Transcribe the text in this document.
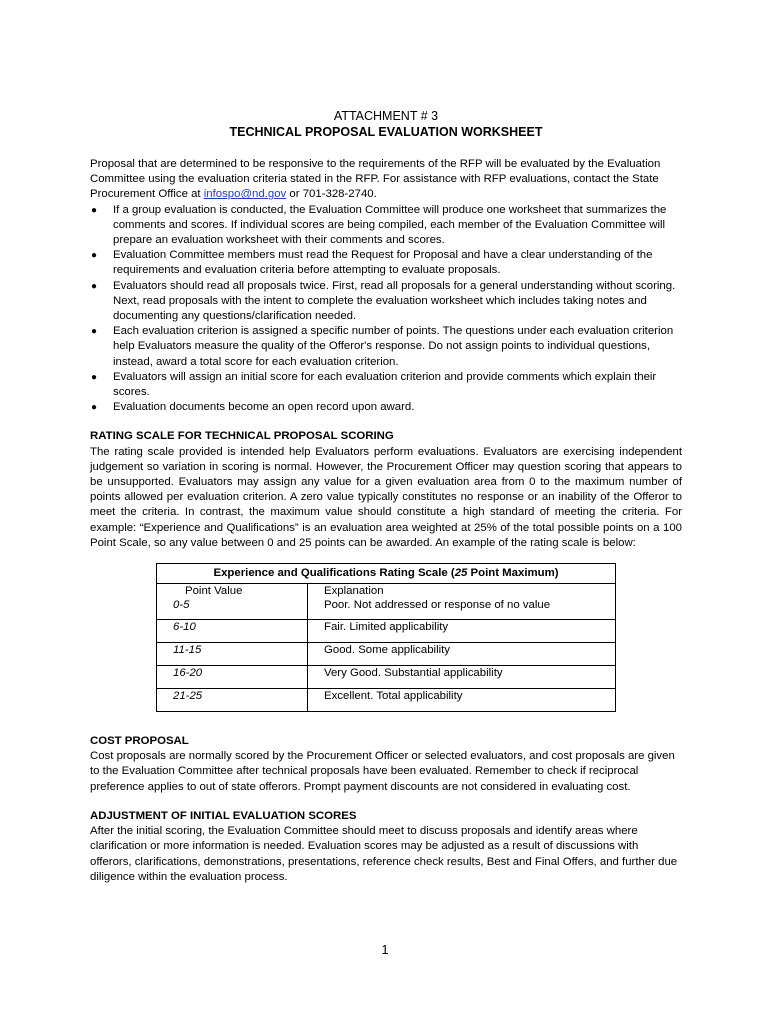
ATTACHMENT # 3
TECHNICAL PROPOSAL EVALUATION WORKSHEET
Proposal that are determined to be responsive to the requirements of the RFP will be evaluated by the Evaluation Committee using the evaluation criteria stated in the RFP. For assistance with RFP evaluations, contact the State Procurement Office at infospo@nd.gov or 701-328-2740.
● If a group evaluation is conducted, the Evaluation Committee will produce one worksheet that summarizes the comments and scores. If individual scores are being compiled, each member of the Evaluation Committee will prepare an evaluation worksheet with their comments and scores.
● Evaluation Committee members must read the Request for Proposal and have a clear understanding of the requirements and evaluation criteria before attempting to evaluate proposals.
● Evaluators should read all proposals twice. First, read all proposals for a general understanding without scoring. Next, read proposals with the intent to complete the evaluation worksheet which includes taking notes and documenting any questions/clarification needed.
● Each evaluation criterion is assigned a specific number of points. The questions under each evaluation criterion help Evaluators measure the quality of the Offeror's response. Do not assign points to individual questions, instead, award a total score for each evaluation criterion.
● Evaluators will assign an initial score for each evaluation criterion and provide comments which explain their scores.
● Evaluation documents become an open record upon award.
RATING SCALE FOR TECHNICAL PROPOSAL SCORING
The rating scale provided is intended help Evaluators perform evaluations. Evaluators are exercising independent judgement so variation in scoring is normal. However, the Procurement Officer may question scoring that appears to be unsupported. Evaluators may assign any value for a given evaluation area from 0 to the maximum number of points allowed per evaluation criterion. A zero value typically constitutes no response or an inability of the Offeror to meet the criteria. In contrast, the maximum value should constitute a high standard of meeting the criteria. For example: “Experience and Qualifications” is an evaluation area weighted at 25% of the total possible points on a 100 Point Scale, so any value between 0 and 25 points can be awarded. An example of the rating scale is below:
Experience and Qualifications Rating Scale (25 Point Maximum)	
Point Value	Explanation
0-5	Poor. Not addressed or response of no value
6-10	Fair. Limited applicability
11-15	Good. Some applicability
16-20	Very Good. Substantial applicability
21-25	Excellent. Total applicability
COST PROPOSAL
Cost proposals are normally scored by the Procurement Officer or selected evaluators, and cost proposals are given to the Evaluation Committee after technical proposals have been evaluated. Remember to check if reciprocal preference applies to out of state offerors. Prompt payment discounts are not considered in evaluating cost.
ADJUSTMENT OF INITIAL EVALUATION SCORES
After the initial scoring, the Evaluation Committee should meet to discuss proposals and identify areas where clarification or more information is needed. Evaluation scores may be adjusted as a result of discussions with offerors, clarifications, demonstrations, presentations, reference check results, Best and Final Offers, and further due diligence within the evaluation process.
1
